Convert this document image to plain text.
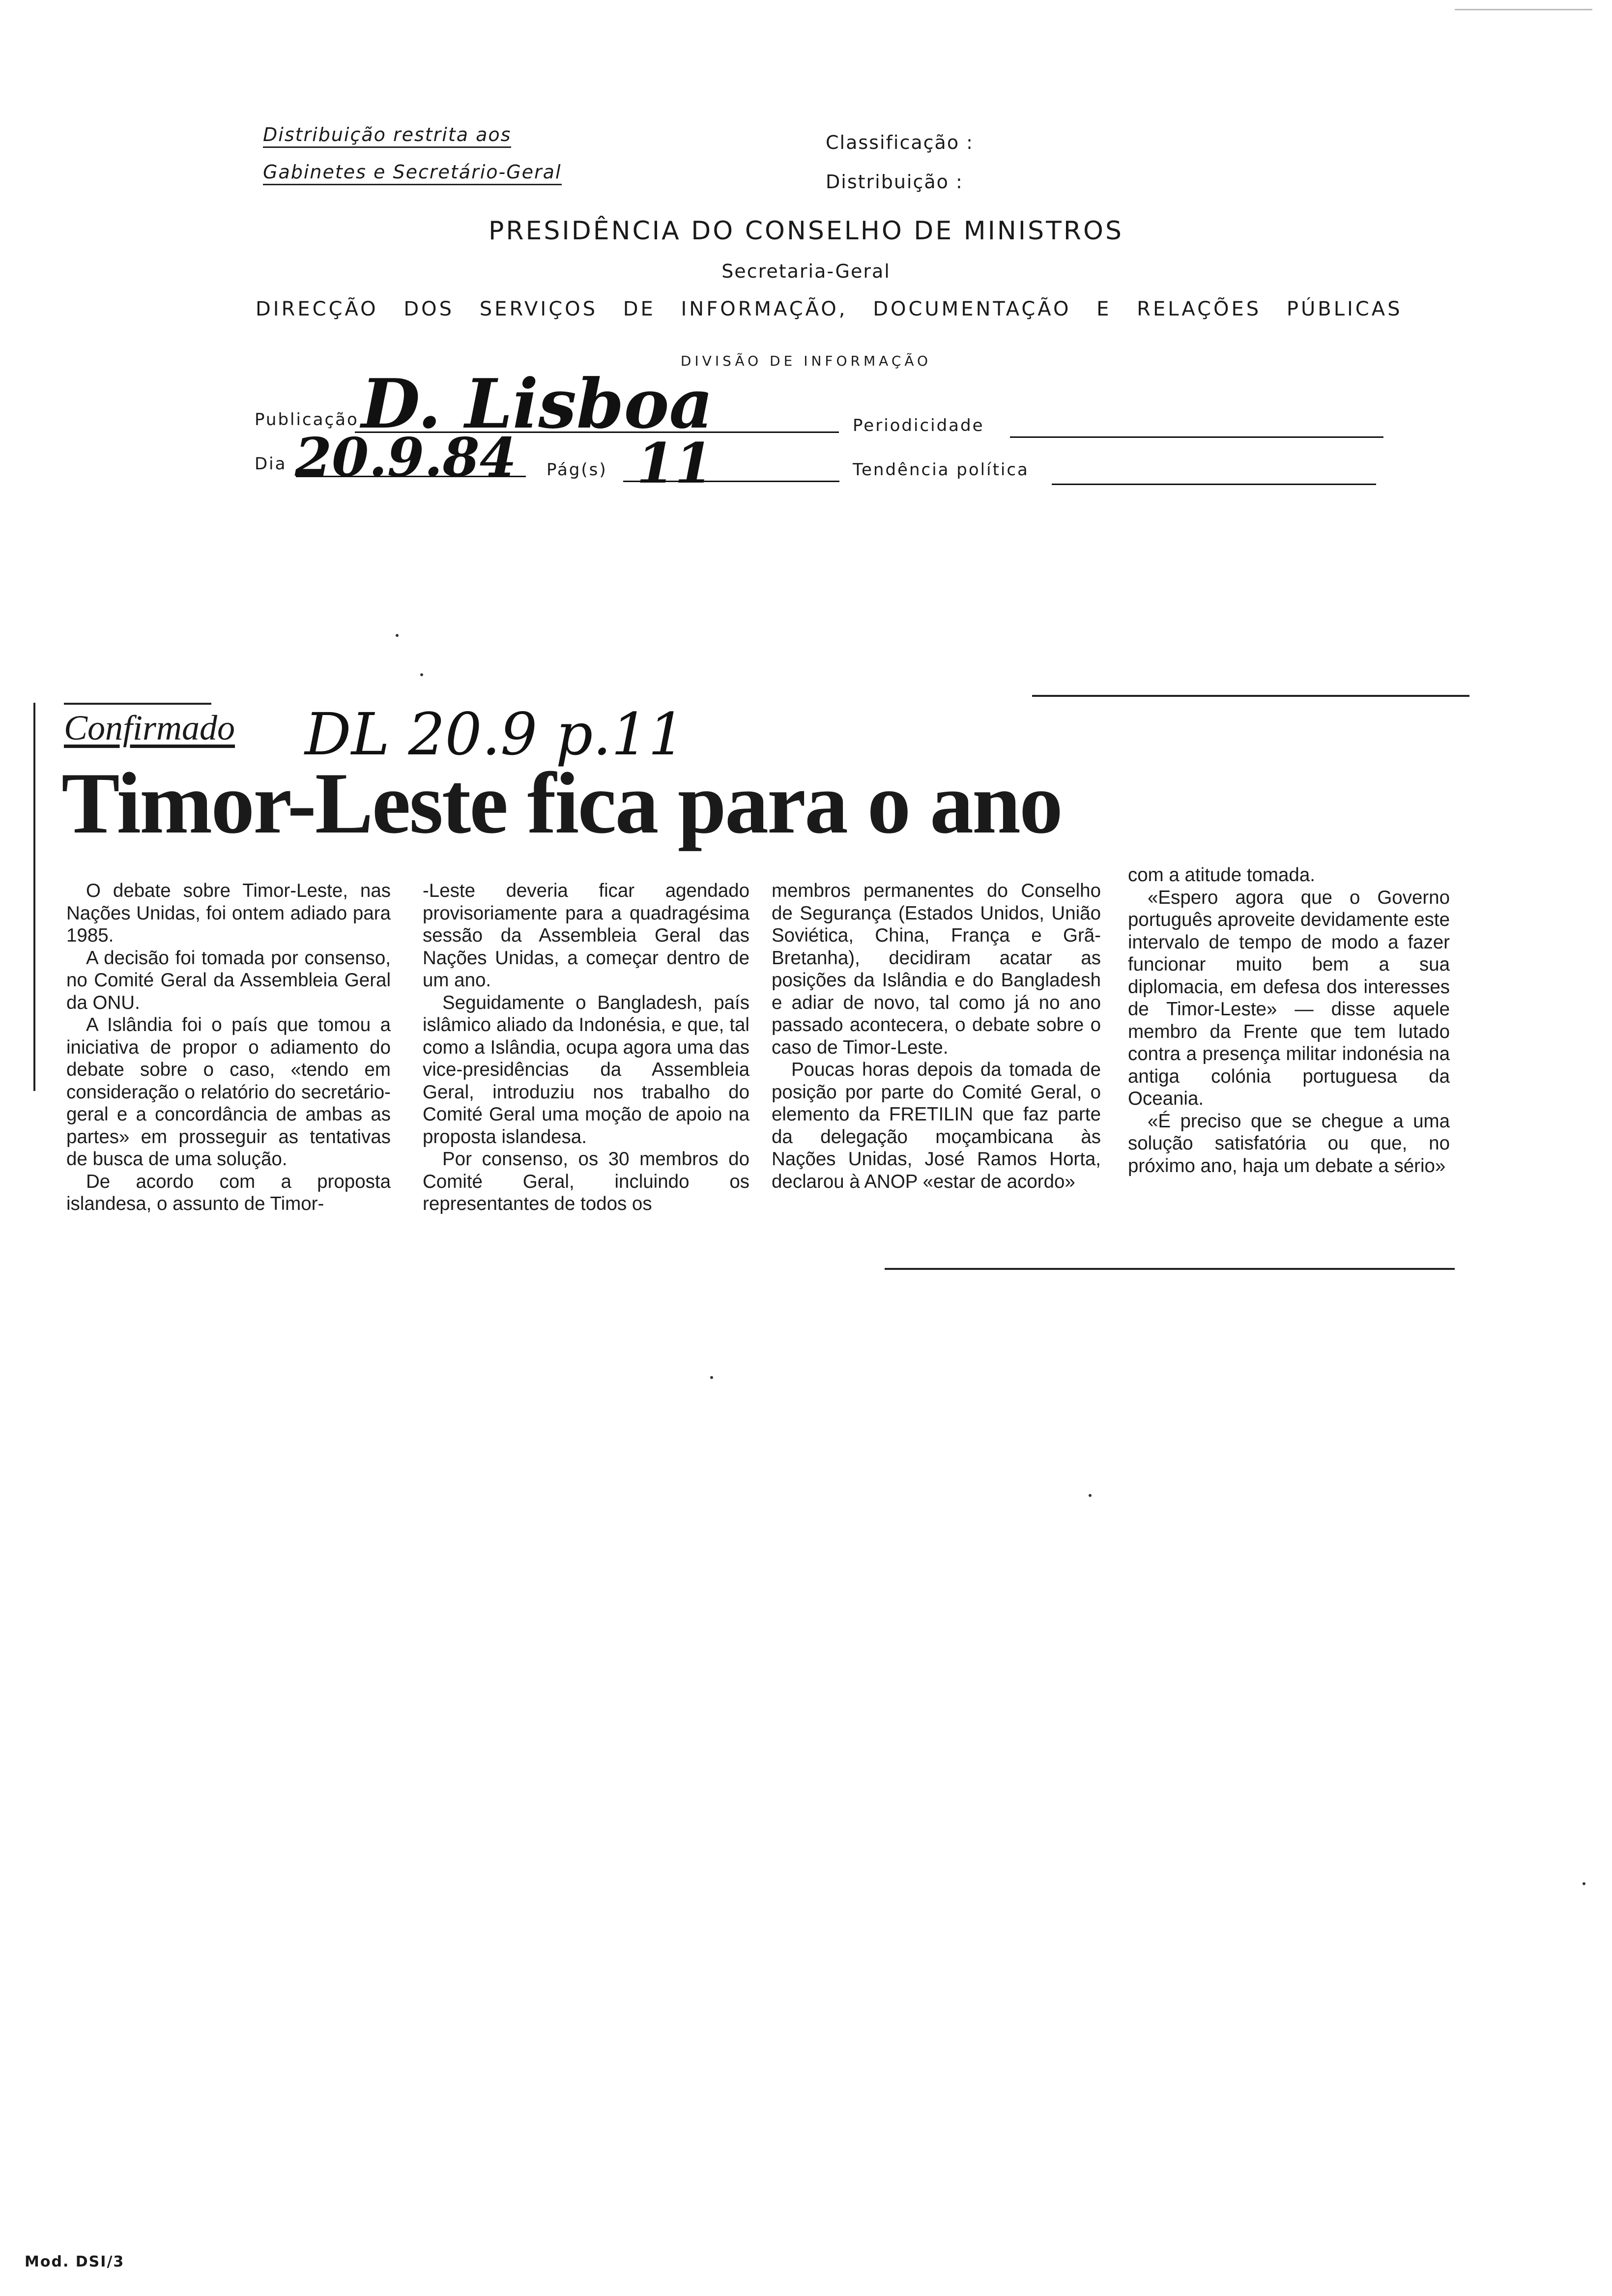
Distribuição restrita aos
Gabinetes e Secretário-Geral
Classificação :
Distribuição :
PRESIDÊNCIA DO CONSELHO DE MINISTROS
Secretaria-Geral
DIRECÇÃO DOS SERVIÇOS DE INFORMAÇÃO, DOCUMENTAÇÃO E RELAÇÕES PÚBLICAS
DIVISÃO DE INFORMAÇÃO
Publicação D. Lisboa	Periodicidade
Dia 20.9.84 Pág(s) 11	Tendência política
Confirmado DL 20.9 p.11
Timor-Leste fica para o ano

O debate sobre Timor-Leste, nas Nações Unidas, foi ontem adiado para 1985.

A decisão foi tomada por consenso, no Comité Geral da Assembleia Geral da ONU.

A Islândia foi o país que tomou a iniciativa de propor o adiamento do debate sobre o caso, «tendo em consideração o relatório do secretário-geral e a concordância de ambas as partes» em prosseguir as tentativas de busca de uma solução.

De acordo com a proposta islandesa, o assunto de Timor-

-Leste deveria ficar agendado provisoriamente para a quadragésima sessão da Assembleia Geral das Nações Unidas, a começar dentro de um ano.

Seguidamente o Bangladesh, país islâmico aliado da Indonésia, e que, tal como a Islândia, ocupa agora uma das vice-presidências da Assembleia Geral, introduziu nos trabalho do Comité Geral uma moção de apoio na proposta islandesa.

Por consenso, os 30 membros do Comité Geral, incluindo os representantes de todos os

membros permanentes do Conselho de Segurança (Estados Unidos, União Soviética, China, França e Grã-Bretanha), decidiram acatar as posições da Islândia e do Bangladesh e adiar de novo, tal como já no ano passado acontecera, o debate sobre o caso de Timor-Leste.

Poucas horas depois da tomada de posição por parte do Comité Geral, o elemento da FRETILIN que faz parte da delegação moçambicana às Nações Unidas, José Ramos Horta, declarou à ANOP «estar de acordo»

com a atitude tomada.

«Espero agora que o Governo português aproveite devidamente este intervalo de tempo de modo a fazer funcionar muito bem a sua diplomacia, em defesa dos interesses de Timor-Leste» — disse aquele membro da Frente que tem lutado contra a presença militar indonésia na antiga colónia portuguesa da Oceania.

«É preciso que se chegue a uma solução satisfatória ou que, no próximo ano, haja um debate a sério»

Mod. DSI/3
